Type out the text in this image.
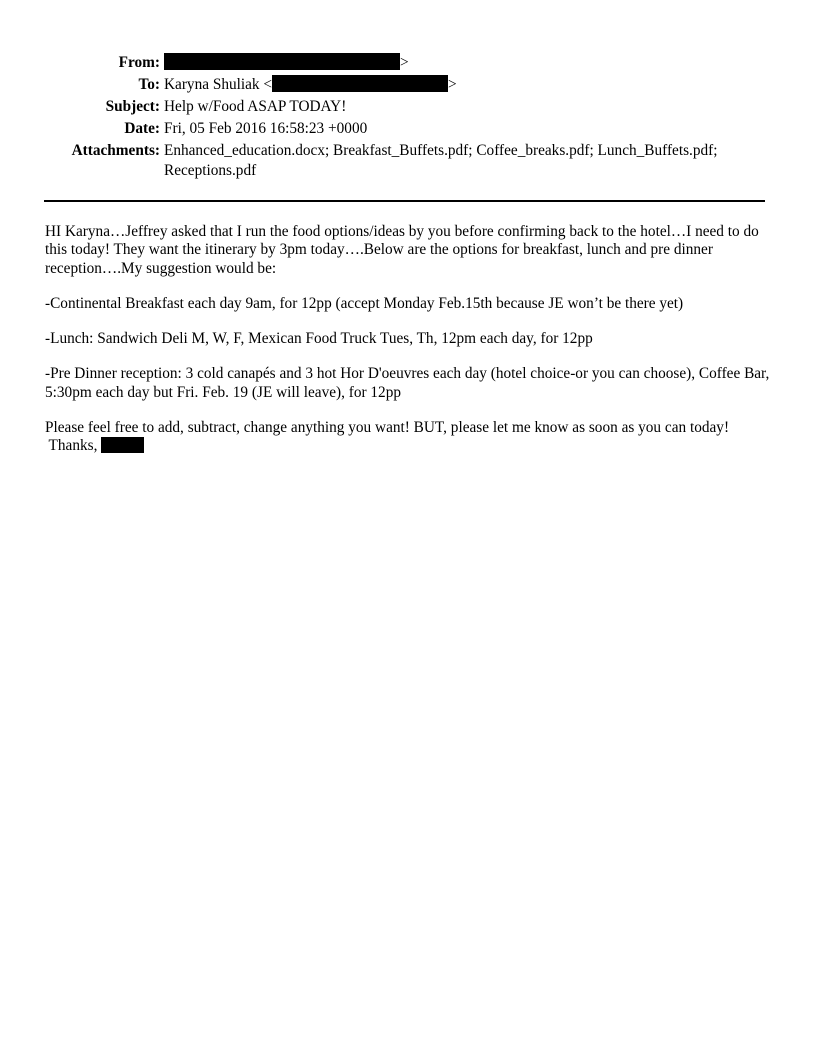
From:	>
To: Karyna Shuliak <	>
Subject: Help w/Food ASAP TODAY!
Date: Fri, 05 Feb 2016 16:58:23 +0000
Attachments: Enhanced_education.docx; Breakfast_Buffets.pdf; Coffee_breaks.pdf; Lunch_Buffets.pdf; Receptions.pdf

HI Karyna…Jeffrey asked that I run the food options/ideas by you before confirming back to the hotel…I need to do this today! They want the itinerary by 3pm today….Below are the options for breakfast, lunch and pre dinner reception….My suggestion would be:

-Continental Breakfast each day 9am, for 12pp (accept Monday Feb.15th because JE won’t be there yet)

-Lunch: Sandwich Deli M, W, F, Mexican Food Truck Tues, Th, 12pm each day, for 12pp

-Pre Dinner reception: 3 cold canapés and 3 hot Hor D'oeuvres each day (hotel choice-or you can choose), Coffee Bar, 5:30pm each day but Fri. Feb. 19 (JE will leave), for 12pp

Please feel free to add, subtract, change anything you want! BUT, please let me know as soon as you can today!
Thanks,
